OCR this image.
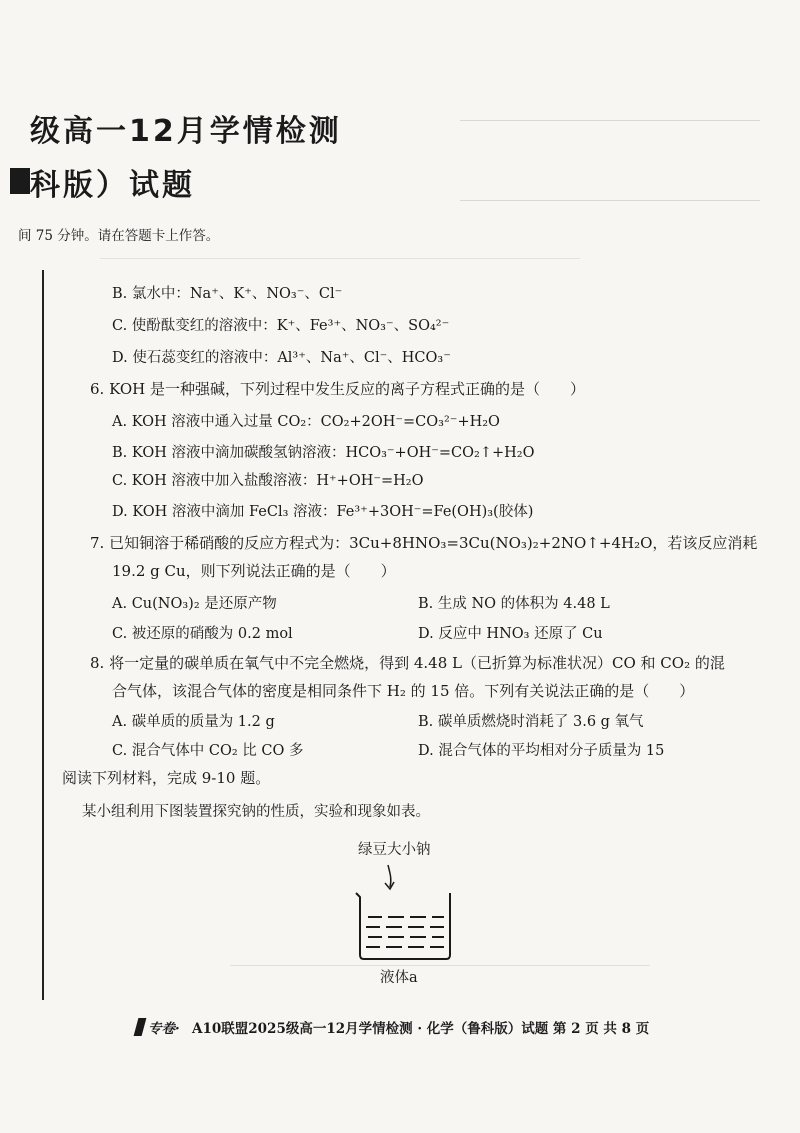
级高一12月学情检测
科版）试题
间 75 分钟。请在答题卡上作答。
B. 氯水中：Na⁺、K⁺、NO₃⁻、Cl⁻
C. 使酚酞变红的溶液中：K⁺、Fe³⁺、NO₃⁻、SO₄²⁻
D. 使石蕊变红的溶液中：Al³⁺、Na⁺、Cl⁻、HCO₃⁻
6. KOH 是一种强碱，下列过程中发生反应的离子方程式正确的是（　　）
A. KOH 溶液中通入过量 CO₂：CO₂+2OH⁻=CO₃²⁻+H₂O
B. KOH 溶液中滴加碳酸氢钠溶液：HCO₃⁻+OH⁻=CO₂↑+H₂O
C. KOH 溶液中加入盐酸溶液：H⁺+OH⁻=H₂O
D. KOH 溶液中滴加 FeCl₃ 溶液：Fe³⁺+3OH⁻=Fe(OH)₃(胶体)
7. 已知铜溶于稀硝酸的反应方程式为：3Cu+8HNO₃=3Cu(NO₃)₂+2NO↑+4H₂O，若该反应消耗
19.2 g Cu，则下列说法正确的是（　　）
A. Cu(NO₃)₂ 是还原产物	B. 生成 NO 的体积为 4.48 L
C. 被还原的硝酸为 0.2 mol	D. 反应中 HNO₃ 还原了 Cu
8. 将一定量的碳单质在氧气中不完全燃烧，得到 4.48 L（已折算为标准状况）CO 和 CO₂ 的混
合气体，该混合气体的密度是相同条件下 H₂ 的 15 倍。下列有关说法正确的是（　　）
A. 碳单质的质量为 1.2 g	B. 碳单质燃烧时消耗了 3.6 g 氧气
C. 混合气体中 CO₂ 比 CO 多	D. 混合气体的平均相对分子质量为 15
阅读下列材料，完成 9-10 题。
某小组利用下图装置探究钠的性质，实验和现象如表。
绿豆大小钠
液体a
专卷· A10联盟2025级高一12月学情检测 · 化学（鲁科版）试题 第 2 页 共 8 页
